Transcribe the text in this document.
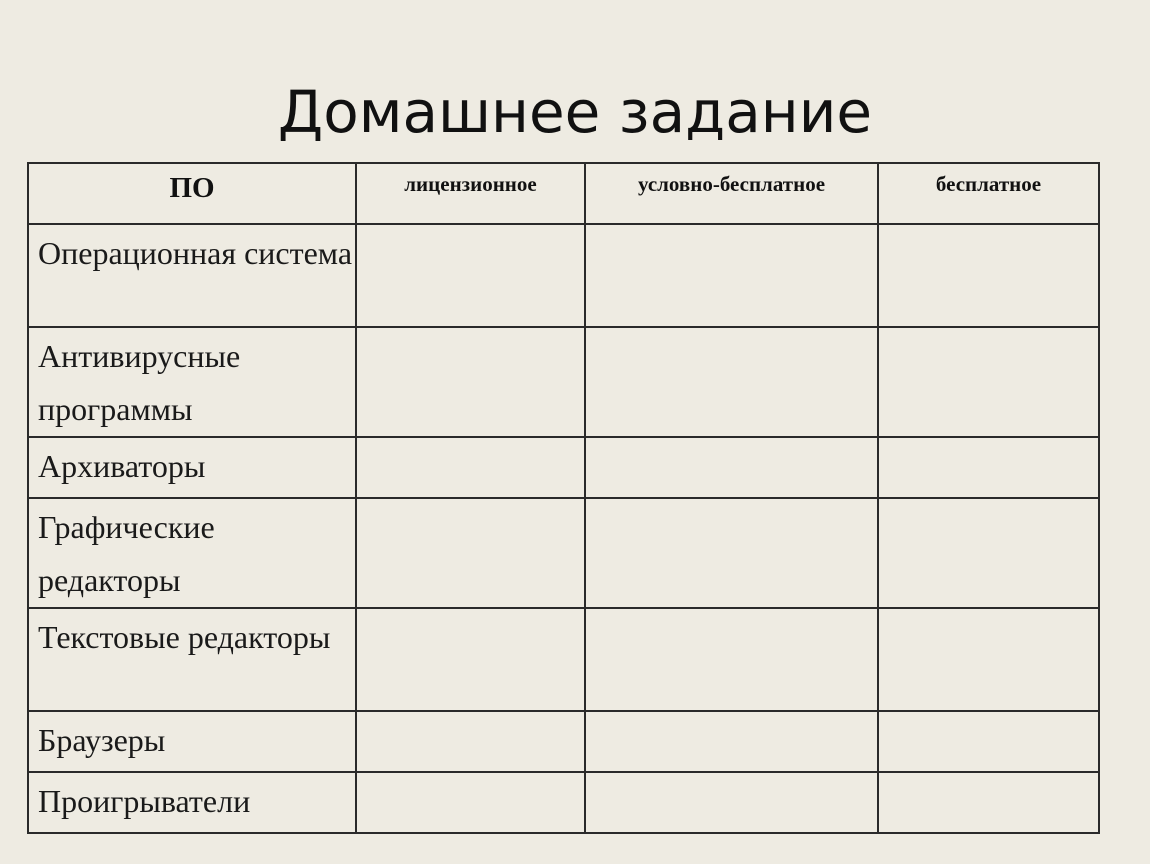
Домашнее задание
ПО	лицензионное	условно-бесплатное	бесплатное
Операционная система			
Антивирусные программы			
Архиваторы			
Графические редакторы			
Текстовые редакторы			
Браузеры			
Проигрыватели			
